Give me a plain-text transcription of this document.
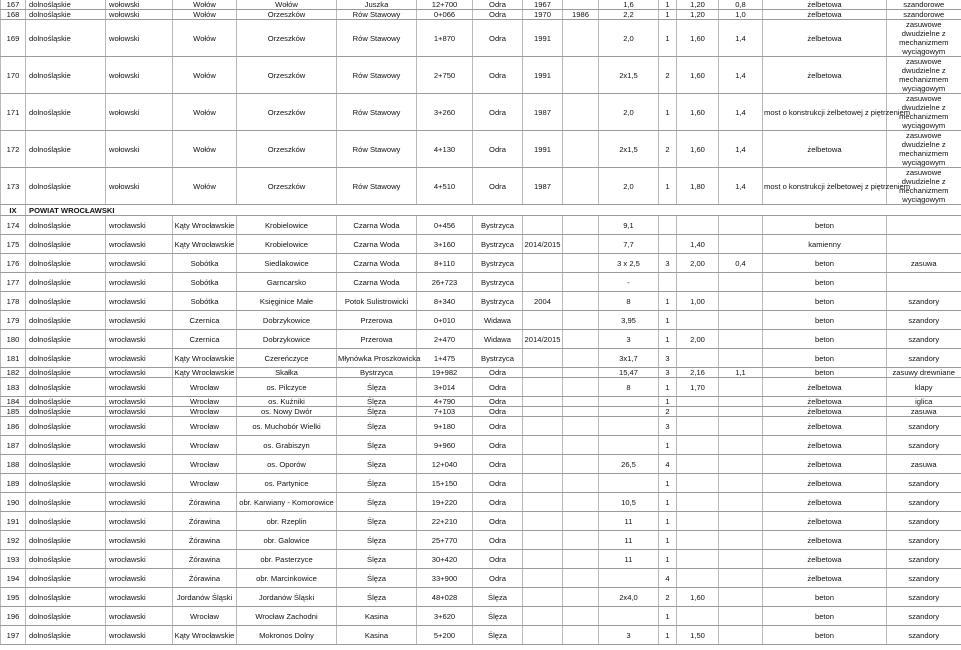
167	dolnośląskie	wołowski	Wołów	Wołów	Juszka	12+700	Odra	1967		1,6	1	1,20	0,8	żelbetowa	szandorowe
168	dolnośląskie	wołowski	Wołów	Orzeszków	Rów Stawowy	0+066	Odra	1970	1986	2,2	1	1,20	1,0	żelbetowa	szandorowe
169	dolnośląskie	wołowski	Wołów	Orzeszków	Rów Stawowy	1+870	Odra	1991		2,0	1	1,60	1,4	żelbetowa	zasuwowe dwudzielne z mechanizmem wyciągowym
170	dolnośląskie	wołowski	Wołów	Orzeszków	Rów Stawowy	2+750	Odra	1991		2x1,5	2	1,60	1,4	żelbetowa	zasuwowe dwudzielne z mechanizmem wyciągowym
171	dolnośląskie	wołowski	Wołów	Orzeszków	Rów Stawowy	3+260	Odra	1987		2,0	1	1,60	1,4	most o konstrukcji żelbetowej z piętrzeniem	zasuwowe dwudzielne z mechanizmem wyciągowym
172	dolnośląskie	wołowski	Wołów	Orzeszków	Rów Stawowy	4+130	Odra	1991		2x1,5	2	1,60	1,4	żelbetowa	zasuwowe dwudzielne z mechanizmem wyciągowym
173	dolnośląskie	wołowski	Wołów	Orzeszków	Rów Stawowy	4+510	Odra	1987		2,0	1	1,80	1,4	most o konstrukcji żelbetowej z piętrzeniem	zasuwowe dwudzielne z mechanizmem wyciągowym
IX	POWIAT WROCŁAWSKI														
174	dolnośląskie	wrocławski	Kąty Wrocławskie	Krobielowice	Czarna Woda	0+456	Bystrzyca			9,1				beton	
175	dolnośląskie	wrocławski	Kąty Wrocławskie	Krobielowice	Czarna Woda	3+160	Bystrzyca	2014/2015		7,7		1,40		kamienny	
176	dolnośląskie	wrocławski	Sobótka	Siedlakowice	Czarna Woda	8+110	Bystrzyca			3 x 2,5	3	2,00	0,4	beton	zasuwa
177	dolnośląskie	wrocławski	Sobótka	Garncarsko	Czarna Woda	26+723	Bystrzyca			-				beton	
178	dolnośląskie	wrocławski	Sobótka	Księginice Małe	Potok Sulistrowicki	8+340	Bystrzyca	2004		8	1	1,00		beton	szandory
179	dolnośląskie	wrocławski	Czernica	Dobrzykowice	Przerowa	0+010	Widawa			3,95	1			beton	szandory
180	dolnośląskie	wrocławski	Czernica	Dobrzykowice	Przerowa	2+470	Widawa	2014/2015		3	1	2,00		beton	szandory
181	dolnośląskie	wrocławski	Kąty Wrocławskie	Czereńczyce	Młynówka Proszkowicka	1+475	Bystrzyca			3x1,7	3			beton	szandory
182	dolnośląskie	wrocławski	Kąty Wrocławskie	Skałka	Bystrzyca	19+982	Odra			15,47	3	2,16	1,1	beton	zasuwy drewniane
183	dolnośląskie	wrocławski	Wrocław	os. Pilczyce	Ślęza	3+014	Odra			8	1	1,70		żelbetowa	klapy
184	dolnośląskie	wrocławski	Wrocław	os. Kuźniki	Ślęza	4+790	Odra				1			żelbetowa	iglica
185	dolnośląskie	wrocławski	Wrocław	os. Nowy Dwór	Ślęza	7+103	Odra				2			żelbetowa	zasuwa
186	dolnośląskie	wrocławski	Wrocław	os. Muchobór Wielki	Ślęza	9+180	Odra				3			żelbetowa	szandory
187	dolnośląskie	wrocławski	Wrocław	os. Grabiszyn	Ślęza	9+960	Odra				1			żelbetowa	szandory
188	dolnośląskie	wrocławski	Wrocław	os. Oporów	Ślęza	12+040	Odra			26,5	4			żelbetowa	zasuwa
189	dolnośląskie	wrocławski	Wrocław	os. Partynice	Ślęza	15+150	Odra				1			żelbetowa	szandory
190	dolnośląskie	wrocławski	Żórawina	obr. Karwiany - Komorowice	Ślęza	19+220	Odra			10,5	1			żelbetowa	szandory
191	dolnośląskie	wrocławski	Żórawina	obr. Rzeplin	Ślęza	22+210	Odra			11	1			żelbetowa	szandory
192	dolnośląskie	wrocławski	Żórawina	obr. Galowice	Ślęza	25+770	Odra			11	1			żelbetowa	szandory
193	dolnośląskie	wrocławski	Żórawina	obr. Pasterzyce	Ślęza	30+420	Odra			11	1			żelbetowa	szandory
194	dolnośląskie	wrocławski	Żórawina	obr. Marcinkowice	Ślęza	33+900	Odra				4			żelbetowa	szandory
195	dolnośląskie	wrocławski	Jordanów Śląski	Jordanów Śląski	Ślęza	48+028	Ślęza			2x4,0	2	1,60		beton	szandory
196	dolnośląskie	wrocławski	Wrocław	Wrocław Zachodni	Kasina	3+620	Ślęza				1			beton	szandory
197	dolnośląskie	wrocławski	Kąty Wrocławskie	Mokronos Dolny	Kasina	5+200	Ślęza			3	1	1,50		beton	szandory
